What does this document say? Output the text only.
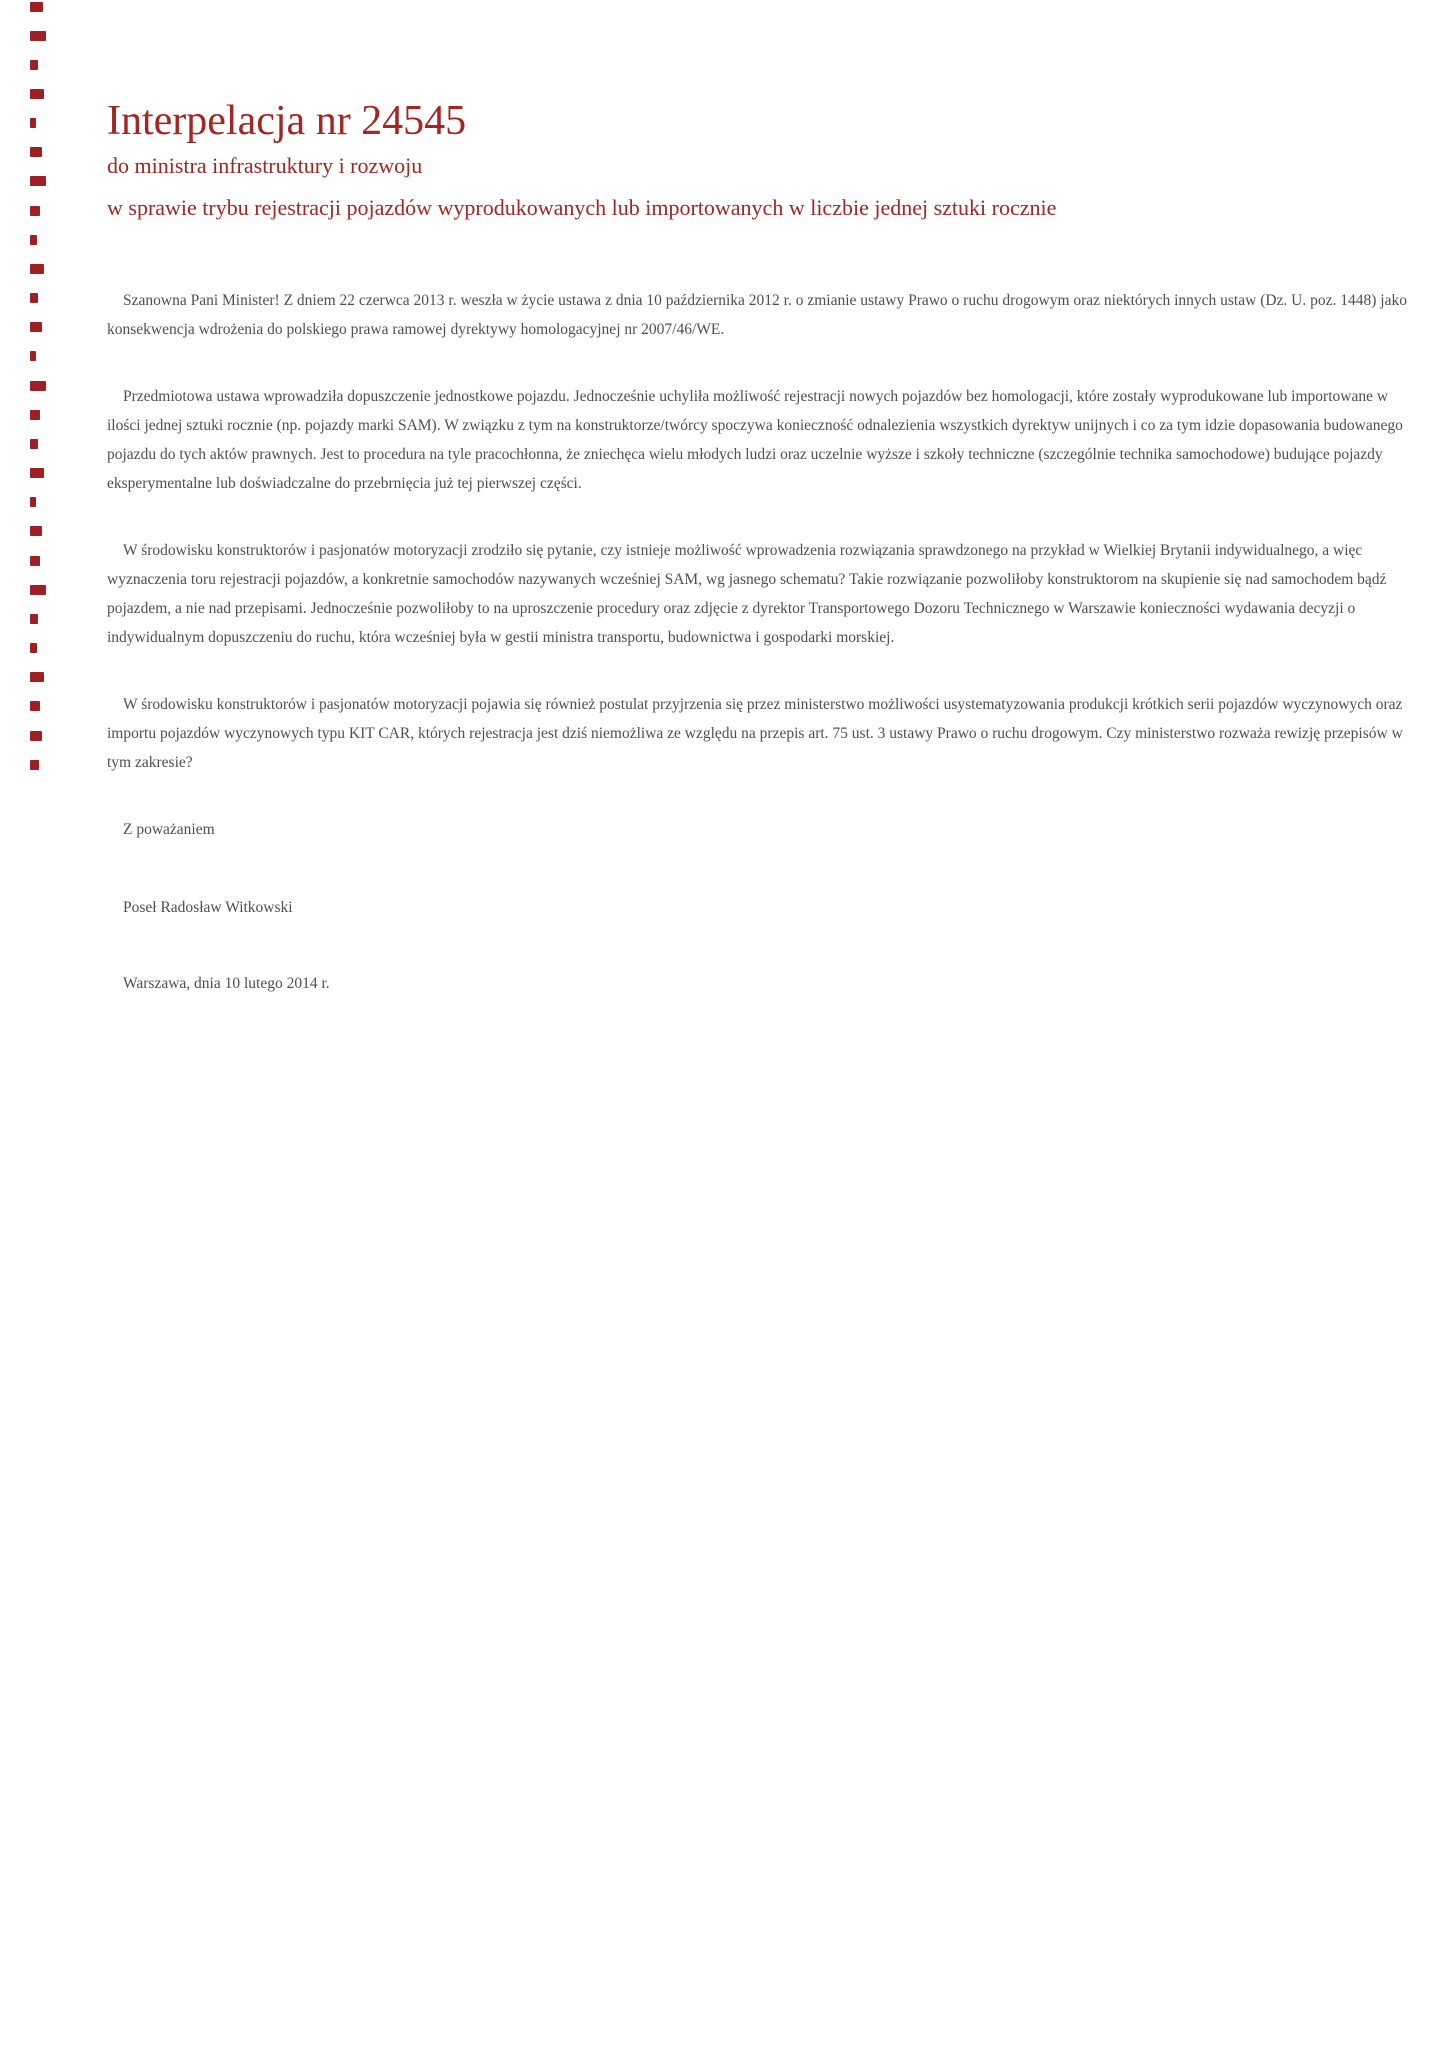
Interpelacja nr 24545
do ministra infrastruktury i rozwoju
w sprawie trybu rejestracji pojazdów wyprodukowanych lub importowanych w liczbie jednej sztuki rocznie

Szanowna Pani Minister! Z dniem 22 czerwca 2013 r. weszła w życie ustawa z dnia 10 października 2012 r. o zmianie ustawy Prawo o ruchu drogowym oraz niektórych innych ustaw (Dz. U. poz. 1448) jako konsekwencja wdrożenia do polskiego prawa ramowej dyrektywy homologacyjnej nr 2007/46/WE.

Przedmiotowa ustawa wprowadziła dopuszczenie jednostkowe pojazdu. Jednocześnie uchyliła możliwość rejestracji nowych pojazdów bez homologacji, które zostały wyprodukowane lub importowane w ilości jednej sztuki rocznie (np. pojazdy marki SAM). W związku z tym na konstruktorze/twórcy spoczywa konieczność odnalezienia wszystkich dyrektyw unijnych i co za tym idzie dopasowania budowanego pojazdu do tych aktów prawnych. Jest to procedura na tyle pracochłonna, że zniechęca wielu młodych ludzi oraz uczelnie wyższe i szkoły techniczne (szczególnie technika samochodowe) budujące pojazdy eksperymentalne lub doświadczalne do przebrnięcia już tej pierwszej części.

W środowisku konstruktorów i pasjonatów motoryzacji zrodziło się pytanie, czy istnieje możliwość wprowadzenia rozwiązania sprawdzonego na przykład w Wielkiej Brytanii indywidualnego, a więc wyznaczenia toru rejestracji pojazdów, a konkretnie samochodów nazywanych wcześniej SAM, wg jasnego schematu? Takie rozwiązanie pozwoliłoby konstruktorom na skupienie się nad samochodem bądź pojazdem, a nie nad przepisami. Jednocześnie pozwoliłoby to na uproszczenie procedury oraz zdjęcie z dyrektor Transportowego Dozoru Technicznego w Warszawie konieczności wydawania decyzji o indywidualnym dopuszczeniu do ruchu, która wcześniej była w gestii ministra transportu, budownictwa i gospodarki morskiej.

W środowisku konstruktorów i pasjonatów motoryzacji pojawia się również postulat przyjrzenia się przez ministerstwo możliwości usystematyzowania produkcji krótkich serii pojazdów wyczynowych oraz importu pojazdów wyczynowych typu KIT CAR, których rejestracja jest dziś niemożliwa ze względu na przepis art. 75 ust. 3 ustawy Prawo o ruchu drogowym. Czy ministerstwo rozważa rewizję przepisów w tym zakresie?

Z poważaniem

Poseł Radosław Witkowski

Warszawa, dnia 10 lutego 2014 r.
